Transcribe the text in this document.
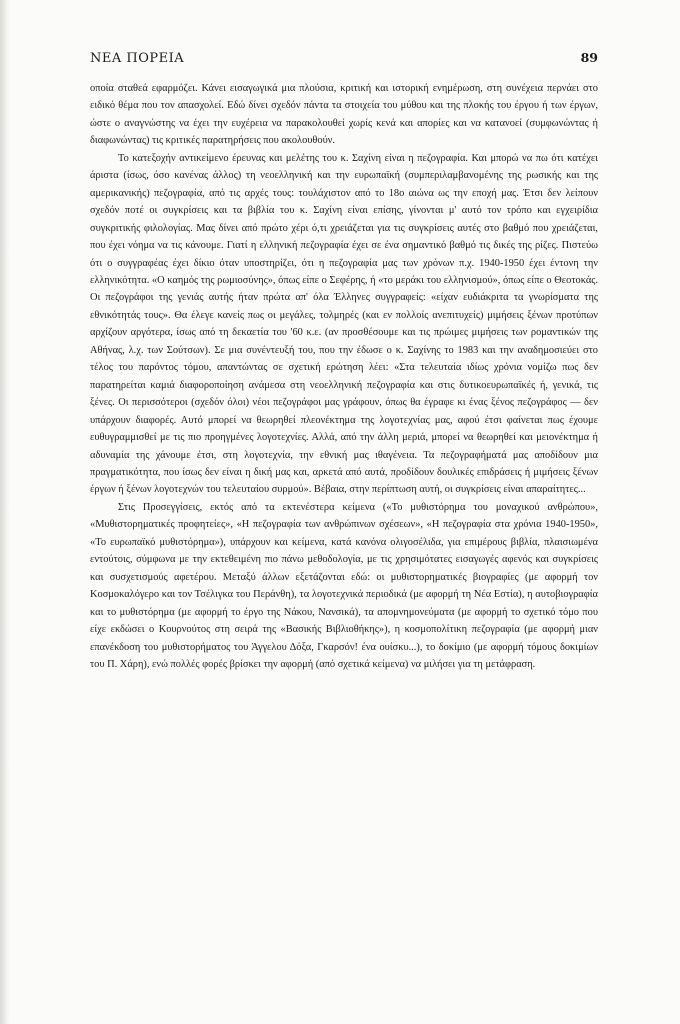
ΝΕΑ ΠΟΡΕΙΑ	89

οποία σταθεά εφαρμόζει. Κάνει εισαγωγικά μια πλούσια, κριτική και ιστορική ενημέρωση, στη συνέχεια περνάει στο ειδικό θέμα που τον απασχολεί. Εδώ δίνει σχεδόν πάντα τα στοιχεία του μύθου και της πλοκής του έργου ή των έργων, ώστε ο αναγνώστης να έχει την ευχέρεια να παρακολουθεί χωρίς κενά και απορίες και να κατανοεί (συμφωνώντας ή διαφωνώντας) τις κριτικές παρατηρήσεις που ακολουθούν.

Το κατεξοχήν αντικείμενο έρευνας και μελέτης του κ. Σαχίνη είναι η πεζογραφία. Και μπορώ να πω ότι κατέχει άριστα (ίσως, όσο κανένας άλλος) τη νεοελληνική και την ευρωπαϊκή (συμπεριλαμβανομένης της ρωσικής και της αμερικανικής) πεζογραφία, από τις αρχές τους: τουλάχιστον από το 18ο αιώνα ως την εποχή μας. Έτσι δεν λείπουν σχεδόν ποτέ οι συγκρίσεις και τα βιβλία του κ. Σαχίνη είναι επίσης, γίνονται μ' αυτό τον τρόπο και εγχειρίδια συγκριτικής φιλολογίας. Μας δίνει από πρώτο χέρι ό,τι χρειάζεται για τις συγκρίσεις αυτές στο βαθμό που χρειάζεται, που έχει νόημα να τις κάνουμε. Γιατί η ελληνική πεζογραφία έχει σε ένα σημαντικό βαθμό τις δικές της ρίζες. Πιστεύω ότι ο συγγραφέας έχει δίκιο όταν υποστηρίζει, ότι η πεζογραφία μας των χρόνων π.χ. 1940-1950 έχει έντονη την ελληνικότητα. «Ο καημός της ρωμιοσύνης», όπως είπε ο Σεφέρης, ή «το μεράκι του ελληνισμού», όπως είπε ο Θεοτοκάς. Οι πεζογράφοι της γενιάς αυτής ήταν πρώτα απ' όλα Έλληνες συγγραφείς: «είχαν ευδιάκριτα τα γνωρίσματα της εθνικότητάς τους». Θα έλεγε κανείς πως οι μεγάλες, τολμηρές (και εν πολλοίς ανεπιτυχείς) μιμήσεις ξένων προτύπων αρχίζουν αργότερα, ίσως από τη δεκαετία του '60 κ.ε. (αν προσθέσουμε και τις πρώιμες μιμήσεις των ρομαντικών της Αθήνας, λ.χ. των Σούτσων). Σε μια συνέντευξή του, που την έδωσε ο κ. Σαχίνης το 1983 και την αναδημοσιεύει στο τέλος του παρόντος τόμου, απαντώντας σε σχετική ερώτηση λέει: «Στα τελευταία ιδίως χρόνια νομίζω πως δεν παρατηρείται καμιά διαφοροποίηση ανάμεσα στη νεοελληνική πεζογραφία και στις δυτικοευρωπαϊκές ή, γενικά, τις ξένες. Οι περισσότεροι (σχεδόν όλοι) νέοι πεζογράφοι μας γράφουν, όπως θα έγραφε κι ένας ξένος πεζογράφος — δεν υπάρχουν διαφορές. Αυτό μπορεί να θεωρηθεί πλεονέκτημα της λογοτεχνίας μας, αφού έτσι φαίνεται πως έχουμε ευθυγραμμισθεί με τις πιο προηγμένες λογοτεχνίες. Αλλά, από την άλλη μεριά, μπορεί να θεωρηθεί και μειονέκτημα ή αδυναμία της χάνουμε έτσι, στη λογοτεχνία, την εθνική μας ιθαγένεια. Τα πεζογραφήματά μας αποδίδουν μια πραγματικότητα, που ίσως δεν είναι η δική μας και, αρκετά από αυτά, προδίδουν δουλικές επιδράσεις ή μιμήσεις ξένων έργων ή ξένων λογοτεχνών του τελευταίου συρμού». Βέβαια, στην περίπτωση αυτή, οι συγκρίσεις είναι απαραίτητες...

Στις Προσεγγίσεις, εκτός από τα εκτενέστερα κείμενα («Το μυθιστόρημα του μοναχικού ανθρώπου», «Μυθιστορηματικές προφητείες», «Η πεζογραφία των ανθρώπινων σχέσεων», «Η πεζογραφία στα χρόνια 1940-1950», «Το ευρωπαϊκό μυθιστόρημα»), υπάρχουν και κείμενα, κατά κανόνα ολιγοσέλιδα, για επιμέρους βιβλία, πλαισιωμένα εντούτοις, σύμφωνα με την εκτεθειμένη πιο πάνω μεθοδολογία, με τις χρησιμότατες εισαγωγές αφενός και συγκρίσεις και συσχετισμούς αφετέρου. Μεταξύ άλλων εξετάζονται εδώ: οι μυθιστορηματικές βιογραφίες (με αφορμή τον Κοσμοκαλόγερο και τον Τσέλιγκα του Περάνθη), τα λογοτεχνικά περιοδικά (με αφορμή τη Νέα Εστία), η αυτοβιογραφία και το μυθιστόρημα (με αφορμή το έργο της Νάκου, Νανσικά), τα απομνημονεύματα (με αφορμή το σχετικό τόμο που είχε εκδώσει ο Κουρνούτος στη σειρά της «Βασικής Βιβλιοθήκης»), η κοσμοπολίτικη πεζογραφία (με αφορμή μιαν επανέκδοση του μυθιστορήματος του Άγγελου Δόξα, Γκαρσόν! ένα ουίσκυ...), το δοκίμιο (με αφορμή τόμους δοκιμίων του Π. Χάρη), ενώ πολλές φορές βρίσκει την αφορμή (από σχετικά κείμενα) να μιλήσει για τη μετάφραση.
